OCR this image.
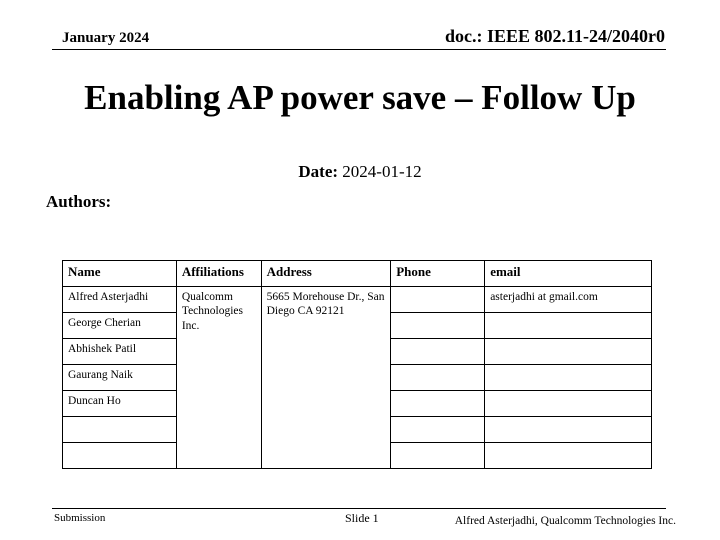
January 2024	doc.: IEEE 802.11-24/2040r0
Enabling AP power save – Follow Up
Date: 2024-01-12
Authors:
Name	Affiliations	Address	Phone	email
Alfred Asterjadhi	Qualcomm Technologies Inc.	5665 Morehouse Dr., San Diego CA 92121		asterjadhi at gmail.com
George Cherian				
Abhishek Patil				
Gaurang Naik				
Duncan Ho				

Submission	Slide 1	Alfred Asterjadhi, Qualcomm Technologies Inc.
